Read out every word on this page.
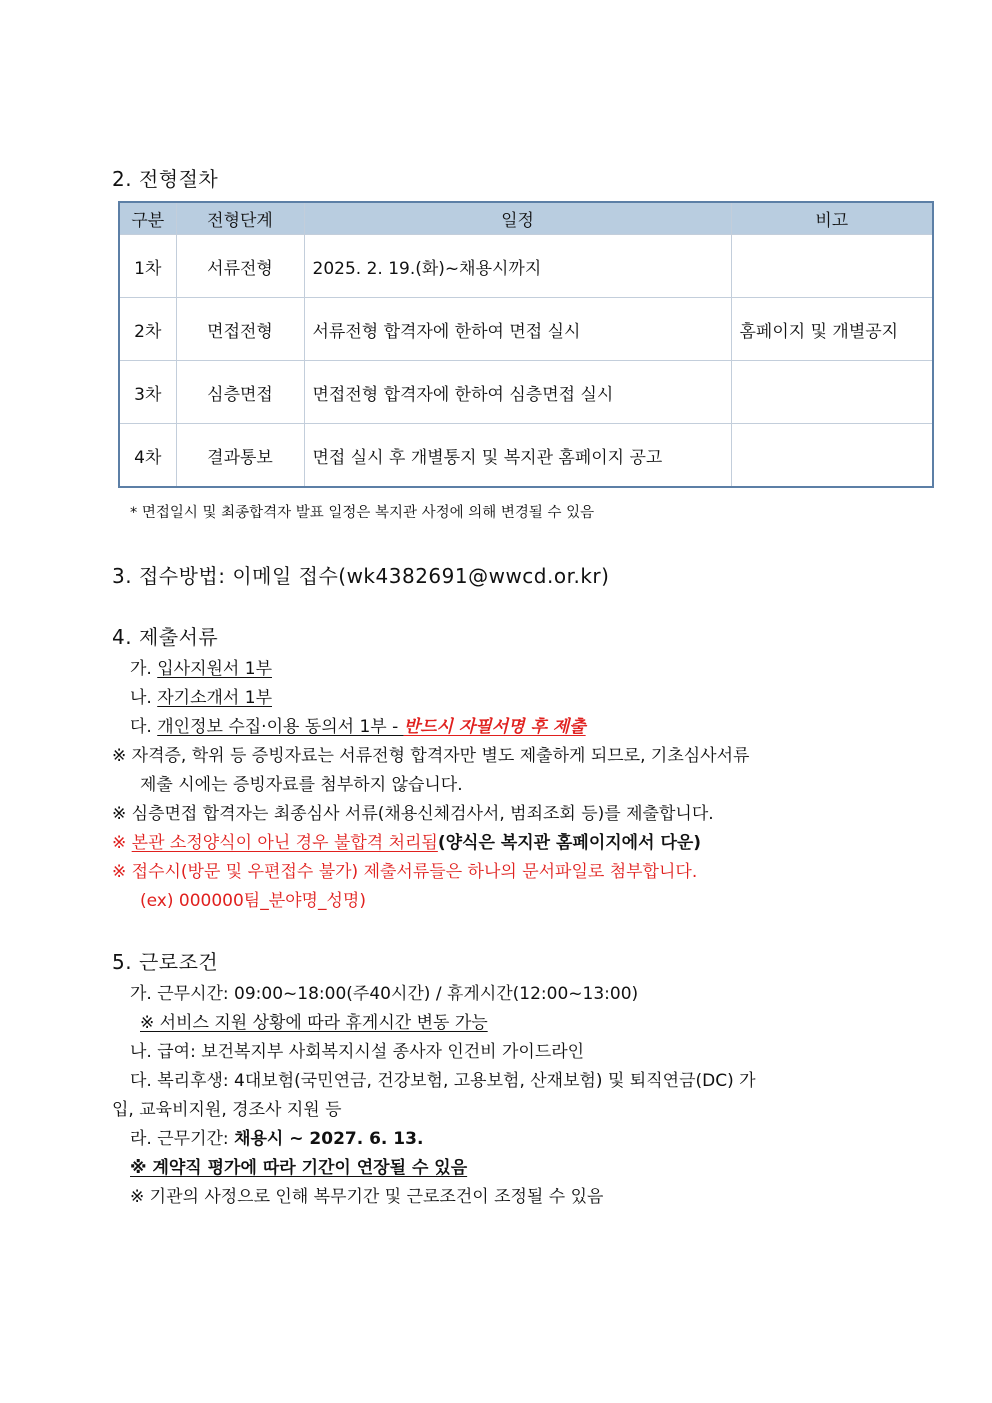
2. 전형절차
구분	전형단계	일정	비고
1차	서류전형	2025. 2. 19.(화)~채용시까지	
2차	면접전형	서류전형 합격자에 한하여 면접 실시	홈페이지 및 개별공지
3차	심층면접	면접전형 합격자에 한하여 심층면접 실시	
4차	결과통보	면접 실시 후 개별통지 및 복지관 홈페이지 공고	
* 면접일시 및 최종합격자 발표 일정은 복지관 사정에 의해 변경될 수 있음
3. 접수방법: 이메일 접수(wk4382691@wwcd.or.kr)
4. 제출서류
가. 입사지원서 1부
나. 자기소개서 1부
다. 개인정보 수집·이용 동의서 1부 - 반드시 자필서명 후 제출
※ 자격증, 학위 등 증빙자료는 서류전형 합격자만 별도 제출하게 되므로, 기초심사서류
제출 시에는 증빙자료를 첨부하지 않습니다.
※ 심층면접 합격자는 최종심사 서류(채용신체검사서, 범죄조회 등)를 제출합니다.
※ 본관 소정양식이 아닌 경우 불합격 처리됨(양식은 복지관 홈페이지에서 다운)
※ 접수시(방문 및 우편접수 불가) 제출서류들은 하나의 문서파일로 첨부합니다.
(ex) 000000팀_분야명_성명)
5. 근로조건
가. 근무시간: 09:00~18:00(주40시간) / 휴게시간(12:00~13:00)
※ 서비스 지원 상황에 따라 휴게시간 변동 가능
나. 급여: 보건복지부 사회복지시설 종사자 인건비 가이드라인
다. 복리후생: 4대보험(국민연금, 건강보험, 고용보험, 산재보험) 및 퇴직연금(DC) 가
입, 교육비지원, 경조사 지원 등
라. 근무기간: 채용시 ~ 2027. 6. 13.
※ 계약직 평가에 따라 기간이 연장될 수 있음
※ 기관의 사정으로 인해 복무기간 및 근로조건이 조정될 수 있음
